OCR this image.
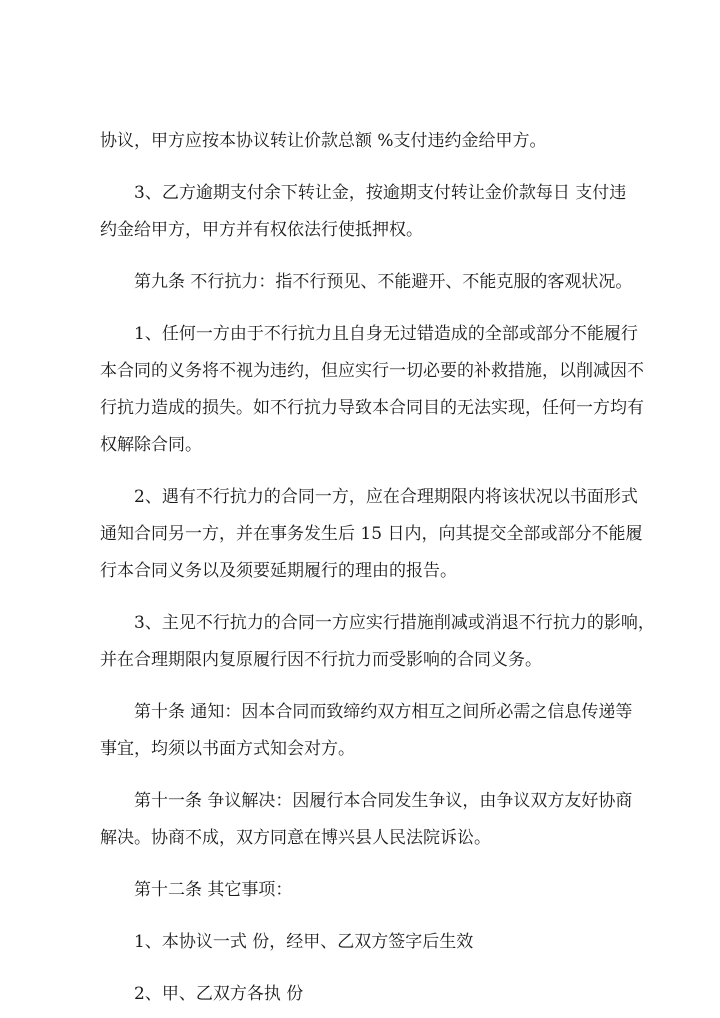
协议，甲方应按本协议转让价款总额 %支付违约金给甲方。
3、乙方逾期支付余下转让金，按逾期支付转让金价款每日 支付违
约金给甲方，甲方并有权依法行使抵押权。
第九条 不行抗力：指不行预见、不能避开、不能克服的客观状况。
1、任何一方由于不行抗力且自身无过错造成的全部或部分不能履行
本合同的义务将不视为违约，但应实行一切必要的补救措施，以削减因不
行抗力造成的损失。如不行抗力导致本合同目的无法实现，任何一方均有
权解除合同。
2、遇有不行抗力的合同一方，应在合理期限内将该状况以书面形式
通知合同另一方，并在事务发生后 15 日内，向其提交全部或部分不能履
行本合同义务以及须要延期履行的理由的报告。
3、主见不行抗力的合同一方应实行措施削减或消退不行抗力的影响，
并在合理期限内复原履行因不行抗力而受影响的合同义务。
第十条 通知：因本合同而致缔约双方相互之间所必需之信息传递等
事宜，均须以书面方式知会对方。
第十一条 争议解决：因履行本合同发生争议，由争议双方友好协商
解决。协商不成，双方同意在博兴县人民法院诉讼。
第十二条 其它事项：
1、本协议一式 份，经甲、乙双方签字后生效
2、甲、乙双方各执 份
